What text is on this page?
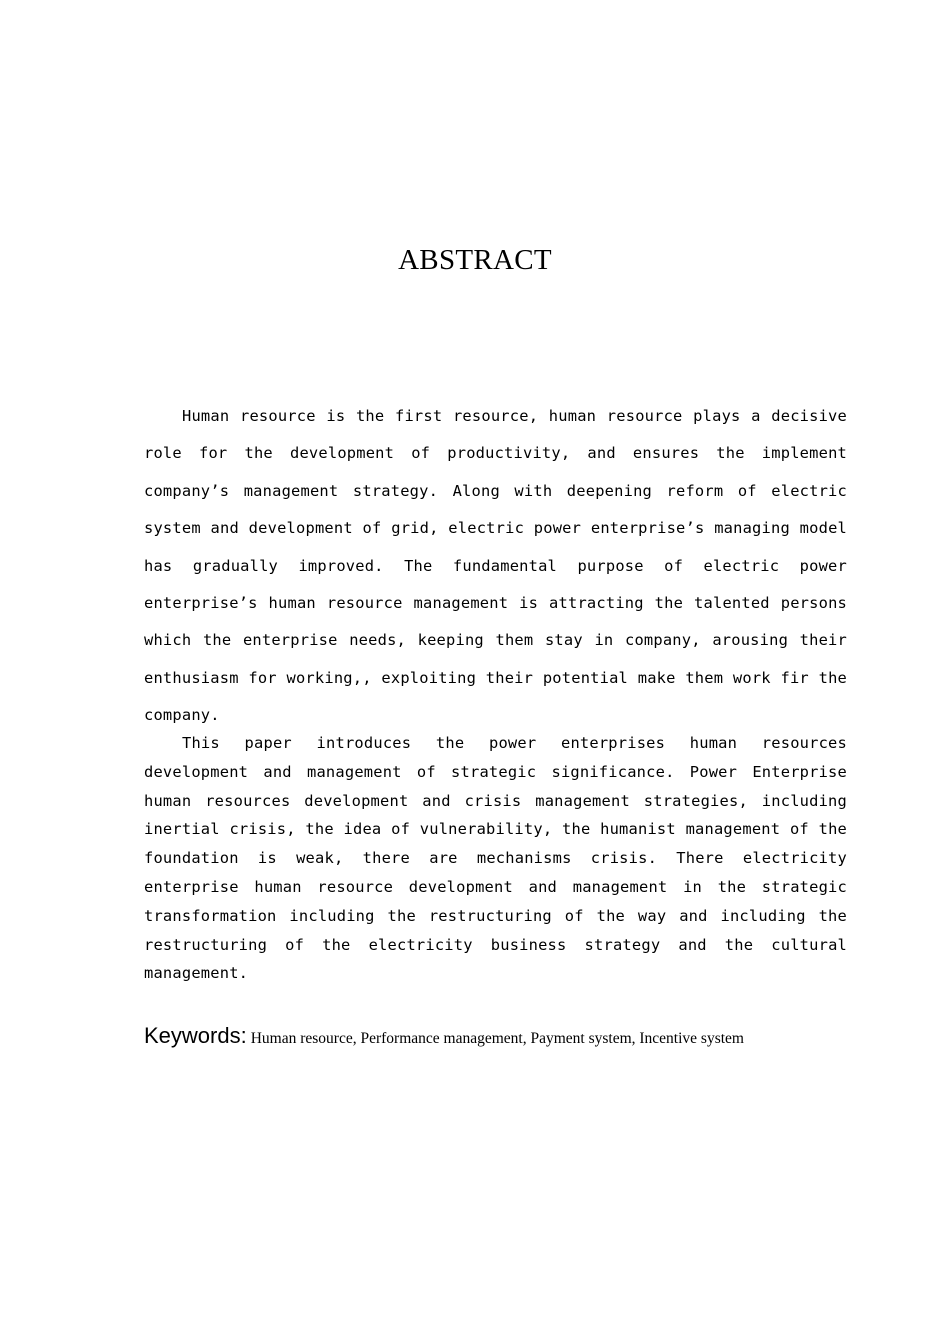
ABSTRACT

Human resource is the first resource, human resource plays a decisive role for the development of productivity, and ensures the implement company’s management strategy. Along with deepening reform of electric system and development of grid, electric power enterprise’s managing model has gradually improved. The fundamental purpose of electric power enterprise’s human resource management is attracting the talented persons which the enterprise needs, keeping them stay in company, arousing their enthusiasm for working,, exploiting their potential make them work fir the company.

This paper introduces the power enterprises human resources development and management of strategic significance. Power Enterprise human resources development and crisis management strategies, including inertial crisis, the idea of vulnerability, the humanist management of the foundation is weak, there are mechanisms crisis. There electricity enterprise human resource development and management in the strategic transformation including the restructuring of the way and including the restructuring of the electricity business strategy and the cultural management.

Keywords: Human resource, Performance management, Payment system, Incentive system
